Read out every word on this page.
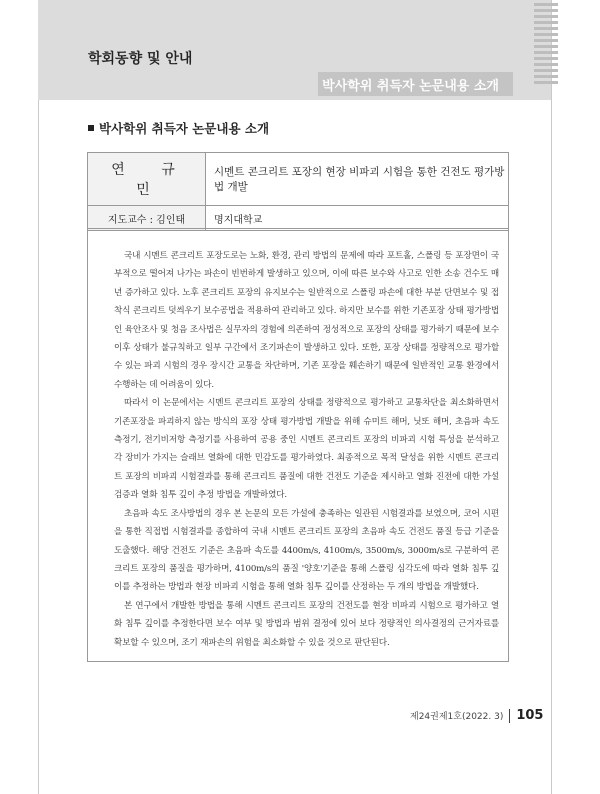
학회동향 및 안내
박사학위 취득자 논문내용 소개
박사학위 취득자 논문내용 소개
연 규 민	시멘트 콘크리트 포장의 현장 비파괴 시험을 통한 건전도 평가방법 개발
지도교수 : 김인태	명지대학교

국내 시멘트 콘크리트 포장도로는 노화, 환경, 관리 방법의 문제에 따라 포트홀, 스폴링 등 포장면이 국부적으로 떨어져 나가는 파손이 빈번하게 발생하고 있으며, 이에 따른 보수와 사고로 인한 소송 건수도 매년 증가하고 있다. 노후 콘크리트 포장의 유지보수는 일반적으로 스폴링 파손에 대한 부분 단면보수 및 접착식 콘크리트 덧씌우기 보수공법을 적용하여 관리하고 있다. 하지만 보수를 위한 기존포장 상태 평가방법인 육안조사 및 청음 조사법은 실무자의 경험에 의존하여 정성적으로 포장의 상태를 평가하기 때문에 보수 이후 상태가 불규칙하고 일부 구간에서 조기파손이 발생하고 있다. 또한, 포장 상태를 정량적으로 평가할 수 있는 파괴 시험의 경우 장시간 교통을 차단하며, 기존 포장을 훼손하기 때문에 일반적인 교통 환경에서 수행하는 데 어려움이 있다.

따라서 이 논문에서는 시멘트 콘크리트 포장의 상태를 정량적으로 평가하고 교통차단을 최소화하면서 기존포장을 파괴하지 않는 방식의 포장 상태 평가방법 개발을 위해 슈미트 해머, 닛또 해머, 초음파 속도 측정기, 전기비저항 측정기를 사용하여 공용 중인 시멘트 콘크리트 포장의 비파괴 시험 특성을 분석하고 각 장비가 가지는 슬래브 열화에 대한 민감도를 평가하였다. 최종적으로 목적 달성을 위한 시멘트 콘크리트 포장의 비파괴 시험결과를 통해 콘크리트 품질에 대한 건전도 기준을 제시하고 열화 진전에 대한 가설검증과 열화 침투 깊이 추정 방법을 개발하였다.

초음파 속도 조사방법의 경우 본 논문의 모든 가설에 충족하는 일관된 시험결과를 보였으며, 코어 시편을 통한 직접법 시험결과를 종합하여 국내 시멘트 콘크리트 포장의 초음파 속도 건전도 품질 등급 기준을 도출했다. 해당 건전도 기준은 초음파 속도를 4400m/s, 4100m/s, 3500m/s, 3000m/s로 구분하여 콘크리트 포장의 품질을 평가하며, 4100m/s의 품질 '양호'기준을 통해 스폴링 심각도에 따라 열화 침투 깊이를 추정하는 방법과 현장 비파괴 시험을 통해 열화 침투 깊이를 산정하는 두 개의 방법을 개발했다.

본 연구에서 개발한 방법을 통해 시멘트 콘크리트 포장의 건전도를 현장 비파괴 시험으로 평가하고 열화 침투 깊이를 추정한다면 보수 여부 및 방법과 범위 결정에 있어 보다 정량적인 의사결정의 근거자료를 확보할 수 있으며, 조기 재파손의 위험을 최소화할 수 있을 것으로 판단된다.

제24권제1호(2022. 3) 105
